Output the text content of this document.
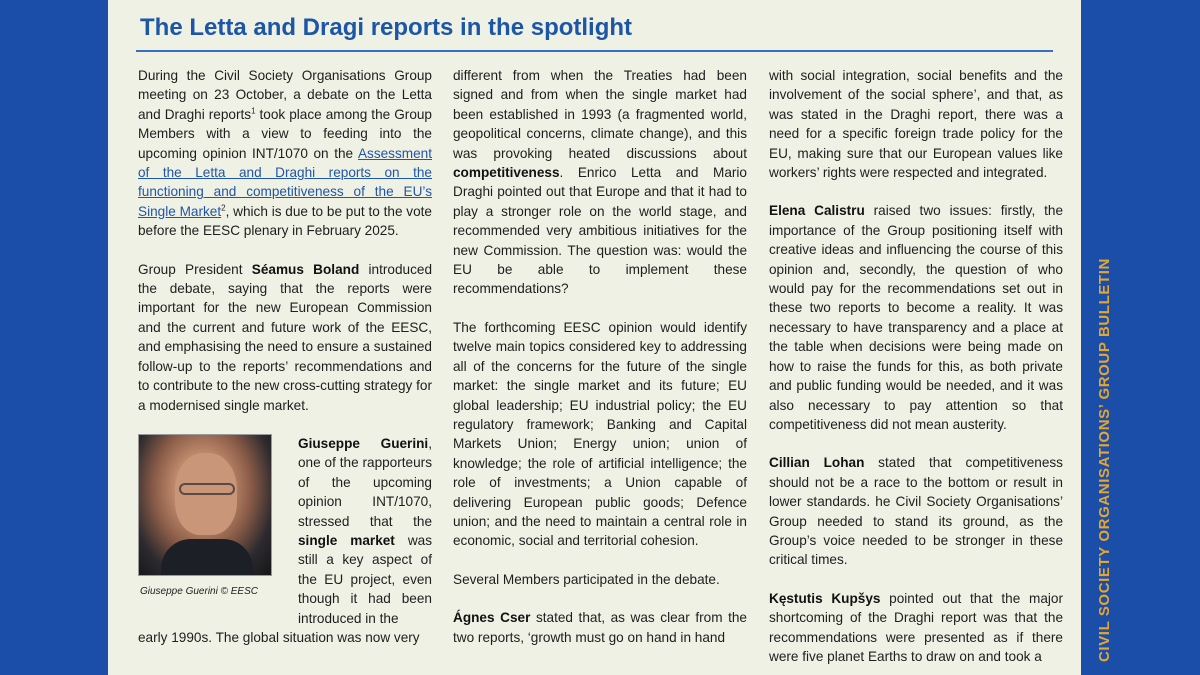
The Letta and Dragi reports in the spotlight

During the Civil Society Organisations Group meeting on 23 October, a debate on the Letta and Draghi reports$^1$ took place among the Group Members with a view to feeding into the upcoming opinion INT/1070 on the Assessment of the Letta and Draghi reports on the functioning and competitiveness of the EU’s Single Market$^2$, which is due to be put to the vote before the EESC plenary in February 2025.

Group President Séamus Boland introduced the debate, saying that the reports were important for the new European Commission and the current and future work of the EESC, and emphasising the need to ensure a sustained follow-up to the reports’ recommendations and to contribute to the new cross-cutting strategy for a modernised single market.

Giuseppe Guerini © EESC
Giuseppe Guerini, one of the rapporteurs of the upcoming opinion INT/1070, stressed that the single market was still a key aspect of the EU project, even though it had been introduced in the

early 1990s. The global situation was now very

different from when the Treaties had been signed and from when the single market had been established in 1993 (a fragmented world, geopolitical concerns, climate change), and this was provoking heated discussions about competitiveness. Enrico Letta and Mario Draghi pointed out that Europe and that it had to play a stronger role on the world stage, and recommended very ambitious initiatives for the new Commission. The question was: would the EU be able to implement these recommendations?

The forthcoming EESC opinion would identify twelve main topics considered key to addressing all of the concerns for the future of the single market: the single market and its future; EU global leadership; EU industrial policy; the EU regulatory framework; Banking and Capital Markets Union; Energy union; union of knowledge; the role of artificial intelligence; the role of investments; a Union capable of delivering European public goods; Defence union; and the need to maintain a central role in economic, social and territorial cohesion.

Several Members participated in the debate.

Ágnes Cser stated that, as was clear from the two reports, ‘growth must go on hand in hand

with social integration, social benefits and the involvement of the social sphere’, and that, as was stated in the Draghi report, there was a need for a specific foreign trade policy for the EU, making sure that our European values like workers’ rights were respected and integrated.

Elena Calistru raised two issues: firstly, the importance of the Group positioning itself with creative ideas and influencing the course of this opinion and, secondly, the question of who would pay for the recommendations set out in these two reports to become a reality. It was necessary to have transparency and a place at the table when decisions were being made on how to raise the funds for this, as both private and public funding would be needed, and it was also necessary to pay attention so that competitiveness did not mean austerity.

Cillian Lohan stated that competitiveness should not be a race to the bottom or result in lower standards. he Civil Society Organisations’ Group needed to stand its ground, as the Group’s voice needed to be stronger in these critical times.

Kęstutis Kupšys pointed out that the major shortcoming of the Draghi report was that the recommendations were presented as if there were five planet Earths to draw on and took a	CIVIL SOCIETY ORGANISATIONS’ GROUP BULLETIN
